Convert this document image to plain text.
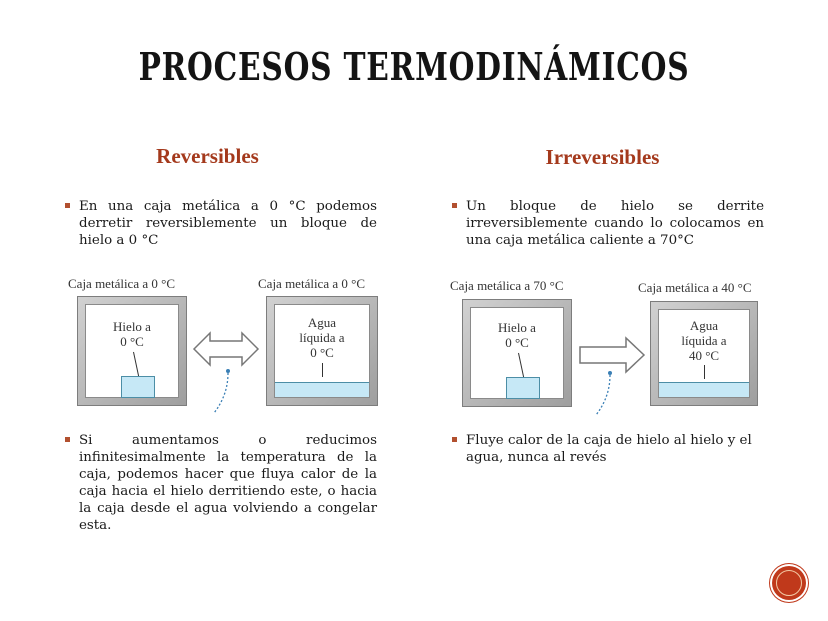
PROCESOS TERMODINÁMICOS
Reversibles
En una caja metálica a 0 °C podemos derretir reversiblemente un bloque de hielo a 0 °C
Caja metálica a 0 °C
Hielo a
0 °C
Caja metálica a 0 °C
Agua
líquida a
0 °C
Si aumentamos o reducimos infinitesimalmente la temperatura de la caja, podemos hacer que fluya calor de la caja hacia el hielo derritiendo este, o hacia la caja desde el agua volviendo a congelar esta.
Irreversibles
Un bloque de hielo se derrite irreversiblemente cuando lo colocamos en una caja metálica caliente a 70°C
Caja metálica a 70 °C
Hielo a
0 °C
Caja metálica a 40 °C
Agua
líquida a
40 °C
Fluye calor de la caja de hielo al hielo y el agua, nunca al revés
